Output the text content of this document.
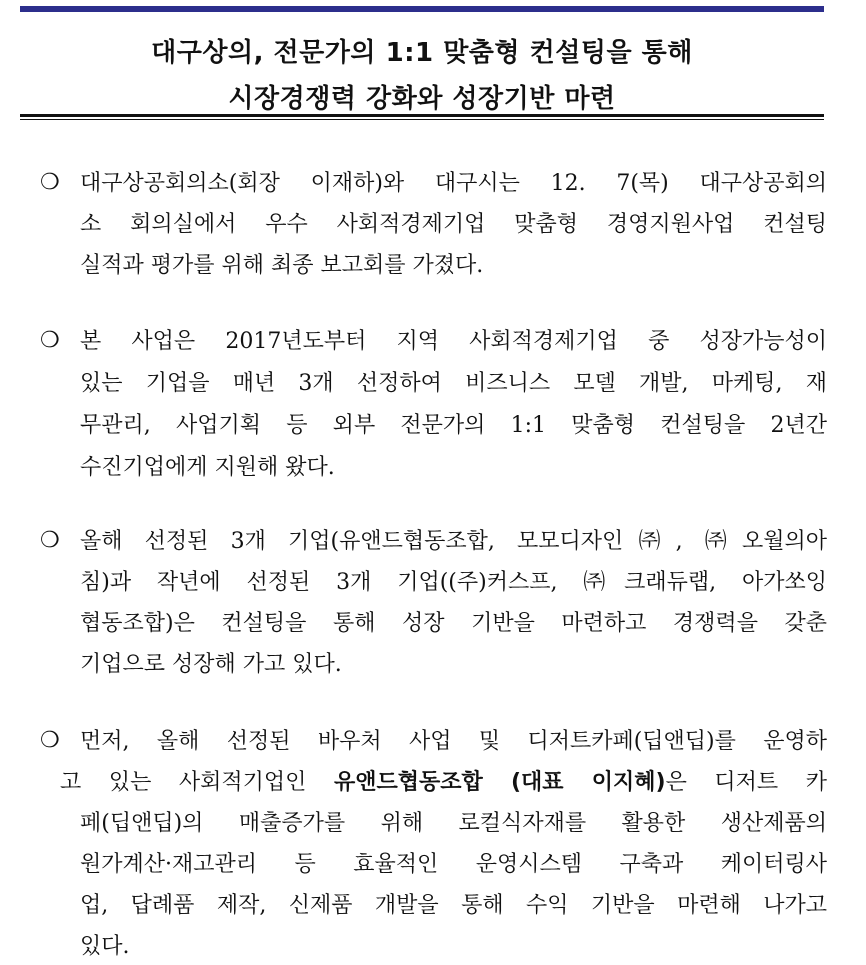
대구상의, 전문가의 1:1 맞춤형 컨설팅을 통해
시장경쟁력 강화와 성장기반 마련
❍ 대구상공회의소(회장 이재하)와 대구시는 12. 7(목) 대구상공회의
소 회의실에서 우수 사회적경제기업 맞춤형 경영지원사업 컨설팅
실적과 평가를 위해 최종 보고회를 가졌다.
❍ 본 사업은 2017년도부터 지역 사회적경제기업 중 성장가능성이
있는 기업을 매년 3개 선정하여 비즈니스 모델 개발, 마케팅, 재
무관리, 사업기획 등 외부 전문가의 1:1 맞춤형 컨설팅을 2년간
수진기업에게 지원해 왔다.
❍ 올해 선정된 3개 기업(유앤드협동조합, 모모디자인㈜, ㈜오월의아
침)과 작년에 선정된 3개 기업((주)커스프, ㈜크래듀랩, 아가쏘잉
협동조합)은 컨설팅을 통해 성장 기반을 마련하고 경쟁력을 갖춘
기업으로 성장해 가고 있다.
❍ 먼저, 올해 선정된 바우처 사업 및 디저트카페(딥앤딥)를 운영하
고 있는 사회적기업인 유앤드협동조합 (대표 이지혜)은 디저트 카
페(딥앤딥)의 매출증가를 위해 로컬식자재를 활용한 생산제품의
원가계산·재고관리 등 효율적인 운영시스템 구축과 케이터링사
업, 답례품 제작, 신제품 개발을 통해 수익 기반을 마련해 나가고
있다.
